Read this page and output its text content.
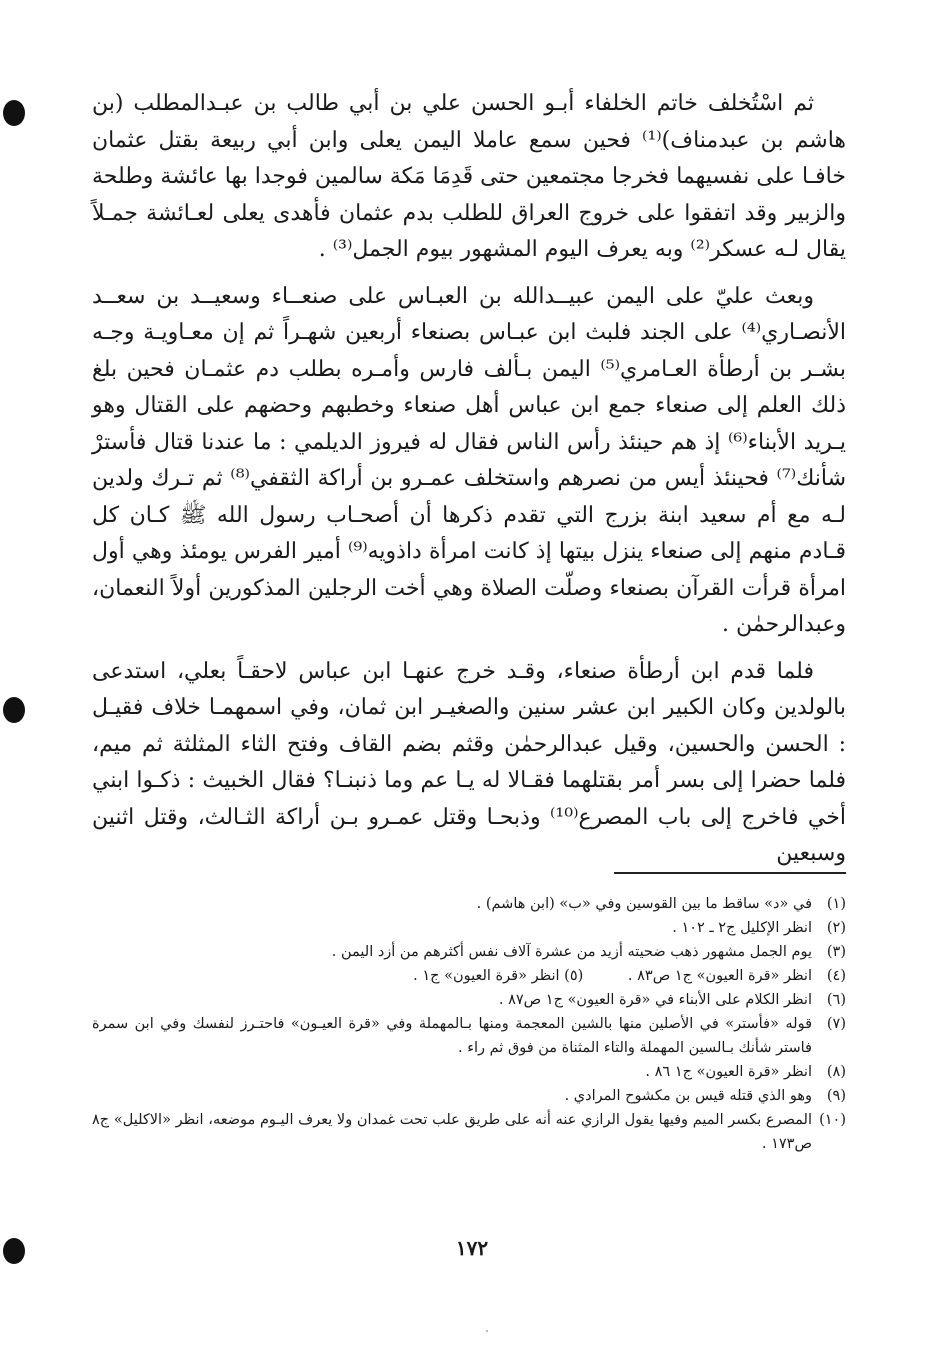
ثم اسْتُخلف خاتم الخلفاء أبـو الحسن علي بن أبي طالب بن عبـدالمطلب (بن هاشم بن عبدمناف)⁽¹⁾ فحين سمع عاملا اليمن يعلى وابن أبي ربيعة بقتل عثمان خافـا على نفسيهما فخرجا مجتمعين حتى قَدِمَا مَكة سالمين فوجدا بها عائشة وطلحة والزبير وقد اتفقوا على خروج العراق للطلب بدم عثمان فأهدى يعلى لعـائشة جمـلاً يقال لـه عسكر⁽²⁾ وبه يعرف اليوم المشهور بيوم الجمل⁽³⁾ .

وبعث عليّ على اليمن عبيــدالله بن العبـاس على صنعــاء وسعيــد بن سعــد الأنصـاري⁽⁴⁾ على الجند فلبث ابن عبـاس بصنعاء أربعين شهـراً ثم إن معـاويـة وجـه بشـر بن أرطأة العـامري⁽⁵⁾ اليمن بـألف فارس وأمـره بطلب دم عثمـان فحين بلغ ذلك العلم إلى صنعاء جمع ابن عباس أهل صنعاء وخطبهم وحضهم على القتال وهو يـريد الأبناء⁽⁶⁾ إذ هم حينئذ رأس الناس فقال له فيروز الديلمي : ما عندنا قتال فأسترْ شأنك⁽⁷⁾ فحينئذ أيس من نصرهم واستخلف عمـرو بن أراكة الثقفي⁽⁸⁾ ثم تـرك ولدين لـه مع أم سعيد ابنة بزرج التي تقدم ذكرها أن أصحـاب رسول الله ﷺ كـان كل قـادم منهم إلى صنعاء ينزل بيتها إذ كانت امرأة داذويه⁽⁹⁾ أمير الفرس يومئذ وهي أول امرأة قرأت القرآن بصنعاء وصلّت الصلاة وهي أخت الرجلين المذكورين أولاً النعمان، وعبدالرحمٰن .

فلما قدم ابن أرطأة صنعاء، وقـد خرج عنهـا ابن عباس لاحقـاً بعلي، استدعى بالولدين وكان الكبير ابن عشر سنين والصغيـر ابن ثمان، وفي اسمهمـا خلاف فقيـل : الحسن والحسين، وقيل عبدالرحمٰن وقثم بضم القاف وفتح الثاء المثلثة ثم ميم، فلما حضرا إلى بسر أمر بقتلهما فقـالا له يـا عم وما ذنبنـا؟ فقال الخبيث : ذكـوا ابني أخي فاخرج إلى باب المصرع⁽¹⁰⁾ وذبحـا وقتل عمـرو بـن أراكة الثـالث، وقتل اثنين وسبعين

(١)
في «د» ساقط ما بين القوسين وفي «ب» (ابن هاشم) .
(٢)
انظر الإكليل ج٢ ـ ١٠٢ .
(٣)
يوم الجمل مشهور ذهب ضحيته أزيد من عشرة آلاف نفس أكثرهم من أزد اليمن .
(٤)
انظر «قرة العيون» ج١ ص٨٣ . (٥) انظر «قرة العيون» ج١ .
(٦)
انظر الكلام على الأبناء في «قرة العيون» ج١ ص٨٧ .
(٧)
قوله «فأستر» في الأصلين منها بالشين المعجمة ومنها بـالمهملة وفي «قرة العيـون» فاحتـرز لنفسك وفي ابن سمرة فاستر شأنك بـالسين المهملة والتاء المثناة من فوق ثم راء .
(٨)
انظر «قرة العيون» ج١ ٨٦ .
(٩)
وهو الذي قتله قيس بن مكشوح المرادي .
(١٠)
المصرع بكسر الميم وفيها يقول الرازي عنه أنه على طريق علب تحت غمدان ولا يعرف اليـوم موضعه، انظر «الاكليل» ج٨ ص١٧٣ .
١٧٢
